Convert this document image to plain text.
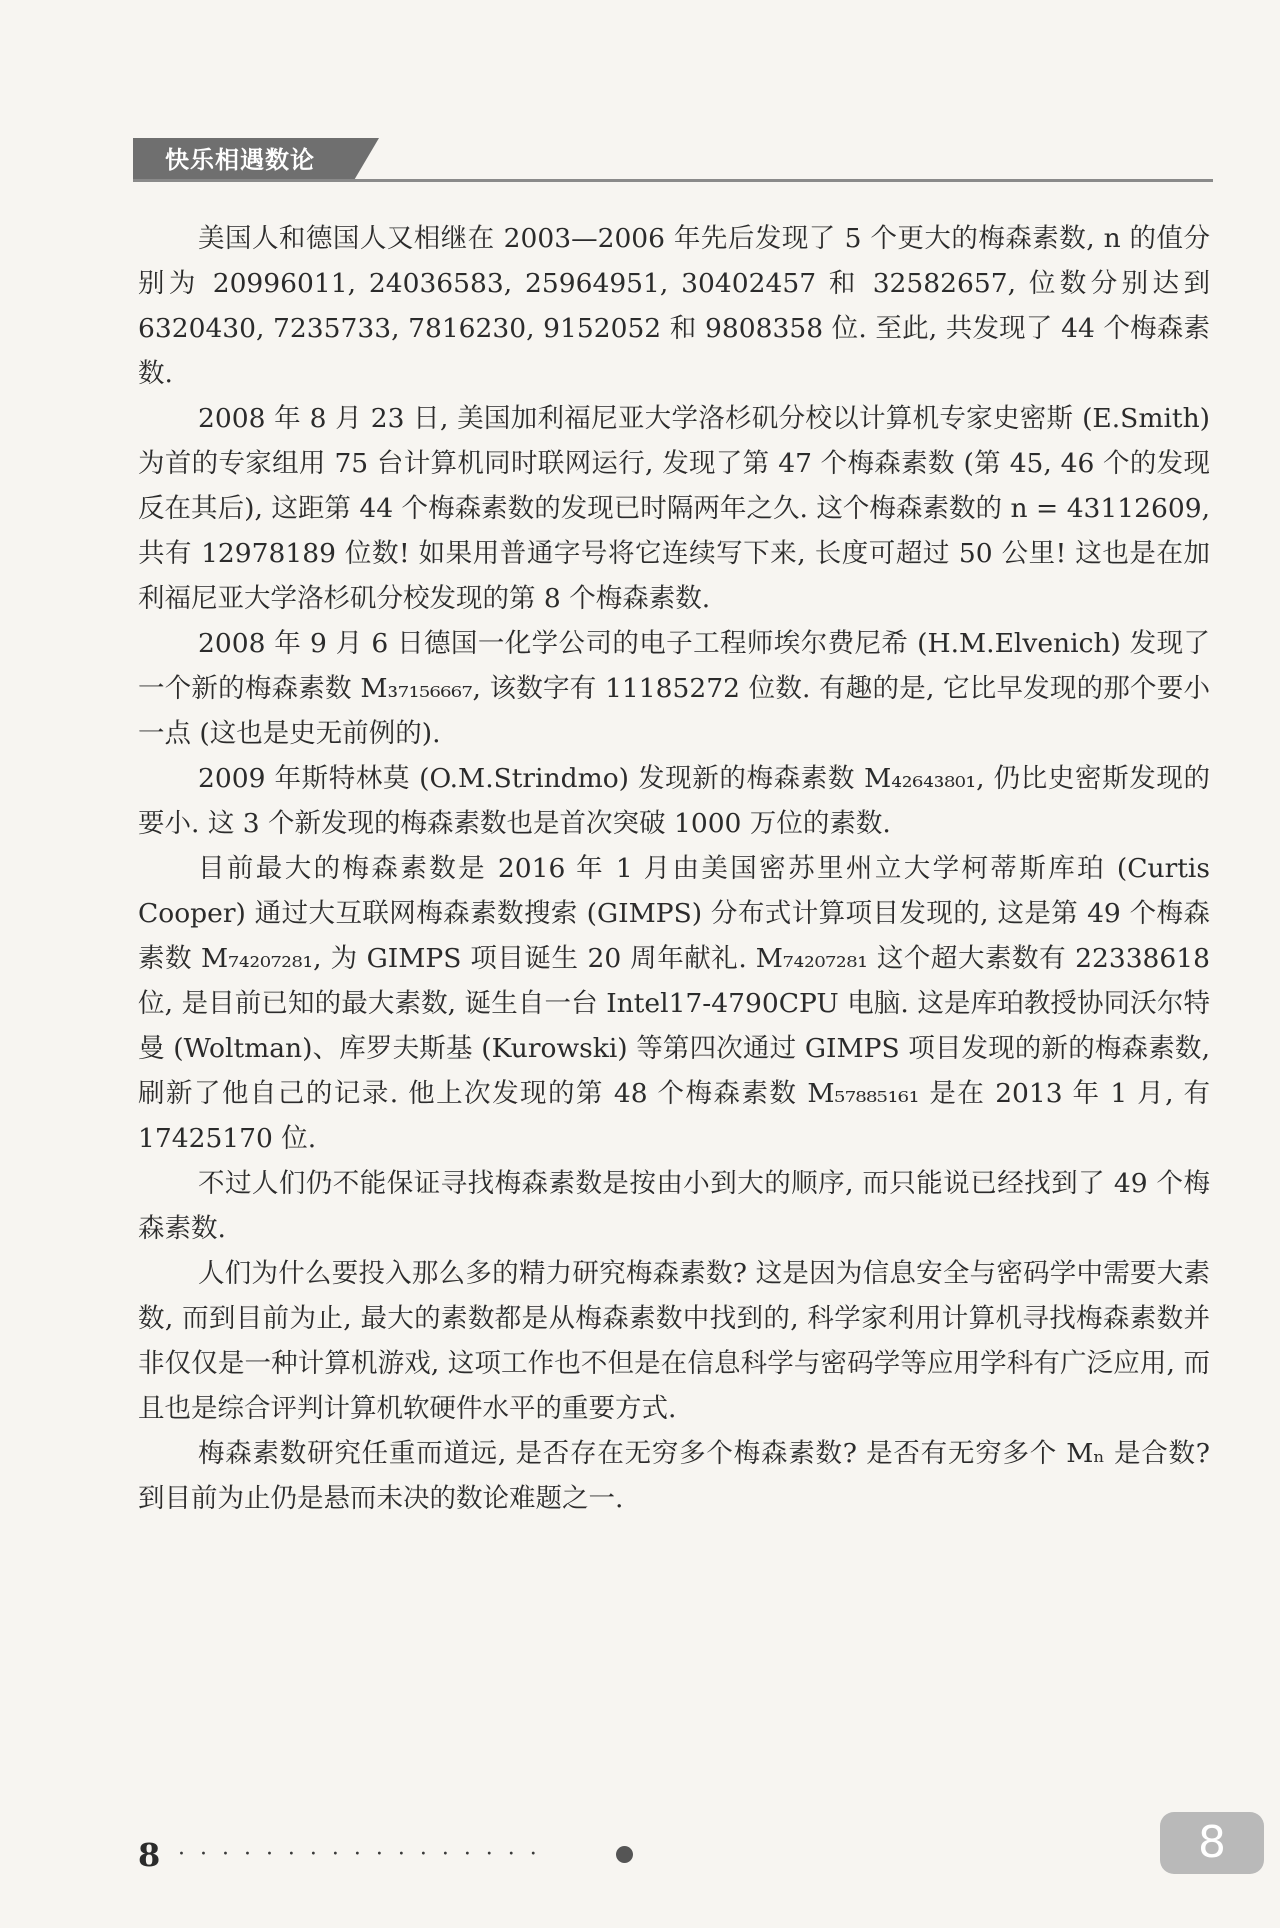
快乐相遇数论

美国人和德国人又相继在 2003—2006 年先后发现了 5 个更大的梅森素数, n 的值分别为 20996011, 24036583, 25964951, 30402457 和 32582657, 位数分别达到 6320430, 7235733, 7816230, 9152052 和 9808358 位. 至此, 共发现了 44 个梅森素数.

2008 年 8 月 23 日, 美国加利福尼亚大学洛杉矶分校以计算机专家史密斯 (E.Smith) 为首的专家组用 75 台计算机同时联网运行, 发现了第 47 个梅森素数 (第 45, 46 个的发现反在其后), 这距第 44 个梅森素数的发现已时隔两年之久. 这个梅森素数的 n = 43112609, 共有 12978189 位数! 如果用普通字号将它连续写下来, 长度可超过 50 公里! 这也是在加利福尼亚大学洛杉矶分校发现的第 8 个梅森素数.

2008 年 9 月 6 日德国一化学公司的电子工程师埃尔费尼希 (H.M.Elvenich) 发现了一个新的梅森素数 M₃₇₁₅₆₆₆₇, 该数字有 11185272 位数. 有趣的是, 它比早发现的那个要小一点 (这也是史无前例的).

2009 年斯特林莫 (O.M.Strindmo) 发现新的梅森素数 M₄₂₆₄₃₈₀₁, 仍比史密斯发现的要小. 这 3 个新发现的梅森素数也是首次突破 1000 万位的素数.

目前最大的梅森素数是 2016 年 1 月由美国密苏里州立大学柯蒂斯库珀 (Curtis Cooper) 通过大互联网梅森素数搜索 (GIMPS) 分布式计算项目发现的, 这是第 49 个梅森素数 M₇₄₂₀₇₂₈₁, 为 GIMPS 项目诞生 20 周年献礼. M₇₄₂₀₇₂₈₁ 这个超大素数有 22338618 位, 是目前已知的最大素数, 诞生自一台 Intel17-4790CPU 电脑. 这是库珀教授协同沃尔特曼 (Woltman)、库罗夫斯基 (Kurowski) 等第四次通过 GIMPS 项目发现的新的梅森素数, 刷新了他自己的记录. 他上次发现的第 48 个梅森素数 M₅₇₈₈₅₁₆₁ 是在 2013 年 1 月, 有 17425170 位.

不过人们仍不能保证寻找梅森素数是按由小到大的顺序, 而只能说已经找到了 49 个梅森素数.

人们为什么要投入那么多的精力研究梅森素数? 这是因为信息安全与密码学中需要大素数, 而到目前为止, 最大的素数都是从梅森素数中找到的, 科学家利用计算机寻找梅森素数并非仅仅是一种计算机游戏, 这项工作也不但是在信息科学与密码学等应用学科有广泛应用, 而且也是综合评判计算机软硬件水平的重要方式.

梅森素数研究任重而道远, 是否存在无穷多个梅森素数? 是否有无穷多个 Mₙ 是合数? 到目前为止仍是悬而未决的数论难题之一.

8 · · · · · · · · · · · · · · · · ·	8
